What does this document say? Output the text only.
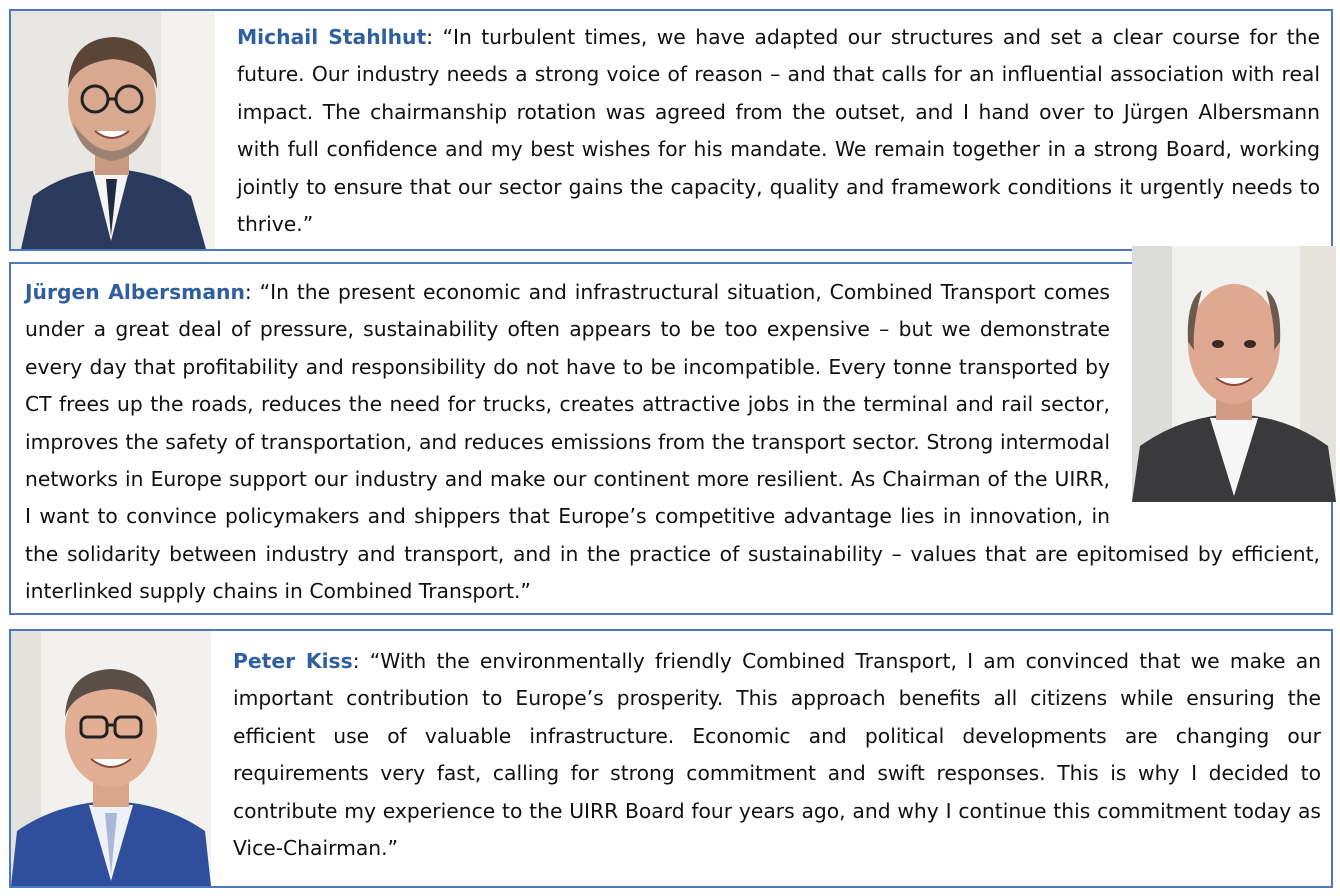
Michail Stahlhut: “In turbulent times, we have adapted our structures and set a clear course for the future. Our industry needs a strong voice of reason – and that calls for an influential association with real impact. The chairmanship rotation was agreed from the outset, and I hand over to Jürgen Albersmann with full confidence and my best wishes for his mandate. We remain together in a strong Board, working jointly to ensure that our sector gains the capacity, quality and framework conditions it urgently needs to thrive.”
Jürgen Albersmann: “In the present economic and infrastructural situation, Combined Transport comes under a great deal of pressure, sustainability often appears to be too expensive – but we demonstrate every day that profitability and responsibility do not have to be incompatible. Every tonne transported by CT frees up the roads, reduces the need for trucks, creates attractive jobs in the terminal and rail sector, improves the safety of transportation, and reduces emissions from the transport sector. Strong intermodal networks in Europe support our industry and make our continent more resilient. As Chairman of the UIRR, I want to convince policymakers and shippers that Europe’s competitive advantage lies in innovation, in the solidarity between industry and transport, and in the practice of sustainability – values that are epitomised by efficient, interlinked supply chains in Combined Transport.”
Peter Kiss: “With the environmentally friendly Combined Transport, I am convinced that we make an important contribution to Europe’s prosperity. This approach benefits all citizens while ensuring the efficient use of valuable infrastructure. Economic and political developments are changing our requirements very fast, calling for strong commitment and swift responses. This is why I decided to contribute my experience to the UIRR Board four years ago, and why I continue this commitment today as Vice-Chairman.”
